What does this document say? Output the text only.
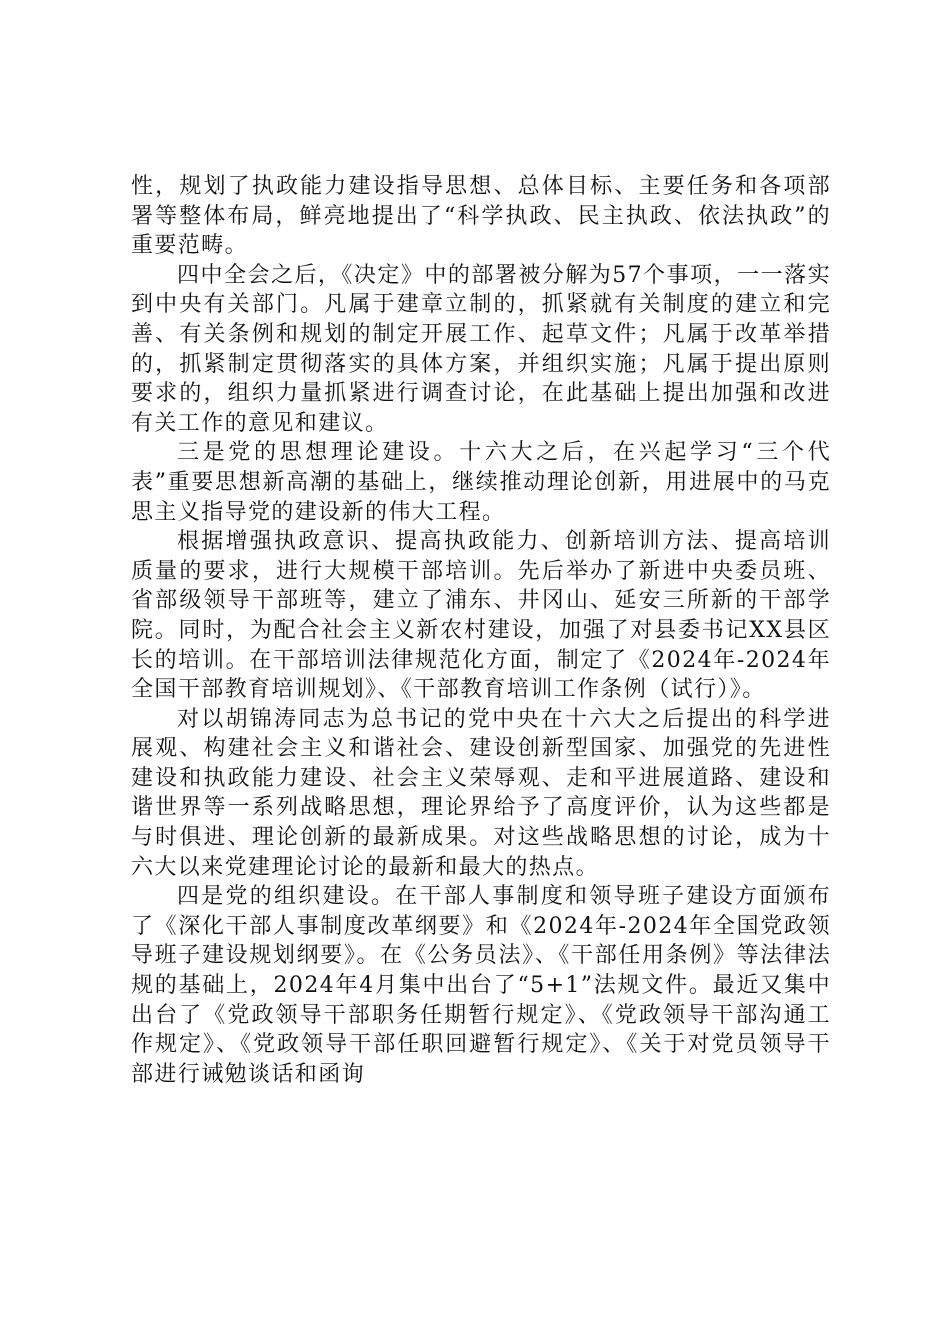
性，规划了执政能力建设指导思想、总体目标、主要任务和各项部署等整体布局，鲜亮地提出了“科学执政、民主执政、依法执政”的重要范畴。

四中全会之后，《决定》中的部署被分解为57个事项，一一落实到中央有关部门。凡属于建章立制的，抓紧就有关制度的建立和完善、有关条例和规划的制定开展工作、起草文件；凡属于改革举措的，抓紧制定贯彻落实的具体方案，并组织实施；凡属于提出原则要求的，组织力量抓紧进行调查讨论，在此基础上提出加强和改进有关工作的意见和建议。

三是党的思想理论建设。十六大之后，在兴起学习“三个代表”重要思想新高潮的基础上，继续推动理论创新，用进展中的马克思主义指导党的建设新的伟大工程。

根据增强执政意识、提高执政能力、创新培训方法、提高培训质量的要求，进行大规模干部培训。先后举办了新进中央委员班、省部级领导干部班等，建立了浦东、井冈山、延安三所新的干部学院。同时，为配合社会主义新农村建设，加强了对县委书记XX县区长的培训。在干部培训法律规范化方面，制定了《2024年-2024年全国干部教育培训规划》、《干部教育培训工作条例（试行）》。

对以胡锦涛同志为总书记的党中央在十六大之后提出的科学进展观、构建社会主义和谐社会、建设创新型国家、加强党的先进性建设和执政能力建设、社会主义荣辱观、走和平进展道路、建设和谐世界等一系列战略思想，理论界给予了高度评价，认为这些都是与时俱进、理论创新的最新成果。对这些战略思想的讨论，成为十六大以来党建理论讨论的最新和最大的热点。

四是党的组织建设。在干部人事制度和领导班子建设方面颁布了《深化干部人事制度改革纲要》和《2024年-2024年全国党政领导班子建设规划纲要》。在《公务员法》、《干部任用条例》等法律法规的基础上，2024年4月集中出台了“5+1”法规文件。最近又集中出台了《党政领导干部职务任期暂行规定》、《党政领导干部沟通工作规定》、《党政领导干部任职回避暂行规定》、《关于对党员领导干部进行诫勉谈话和函询
